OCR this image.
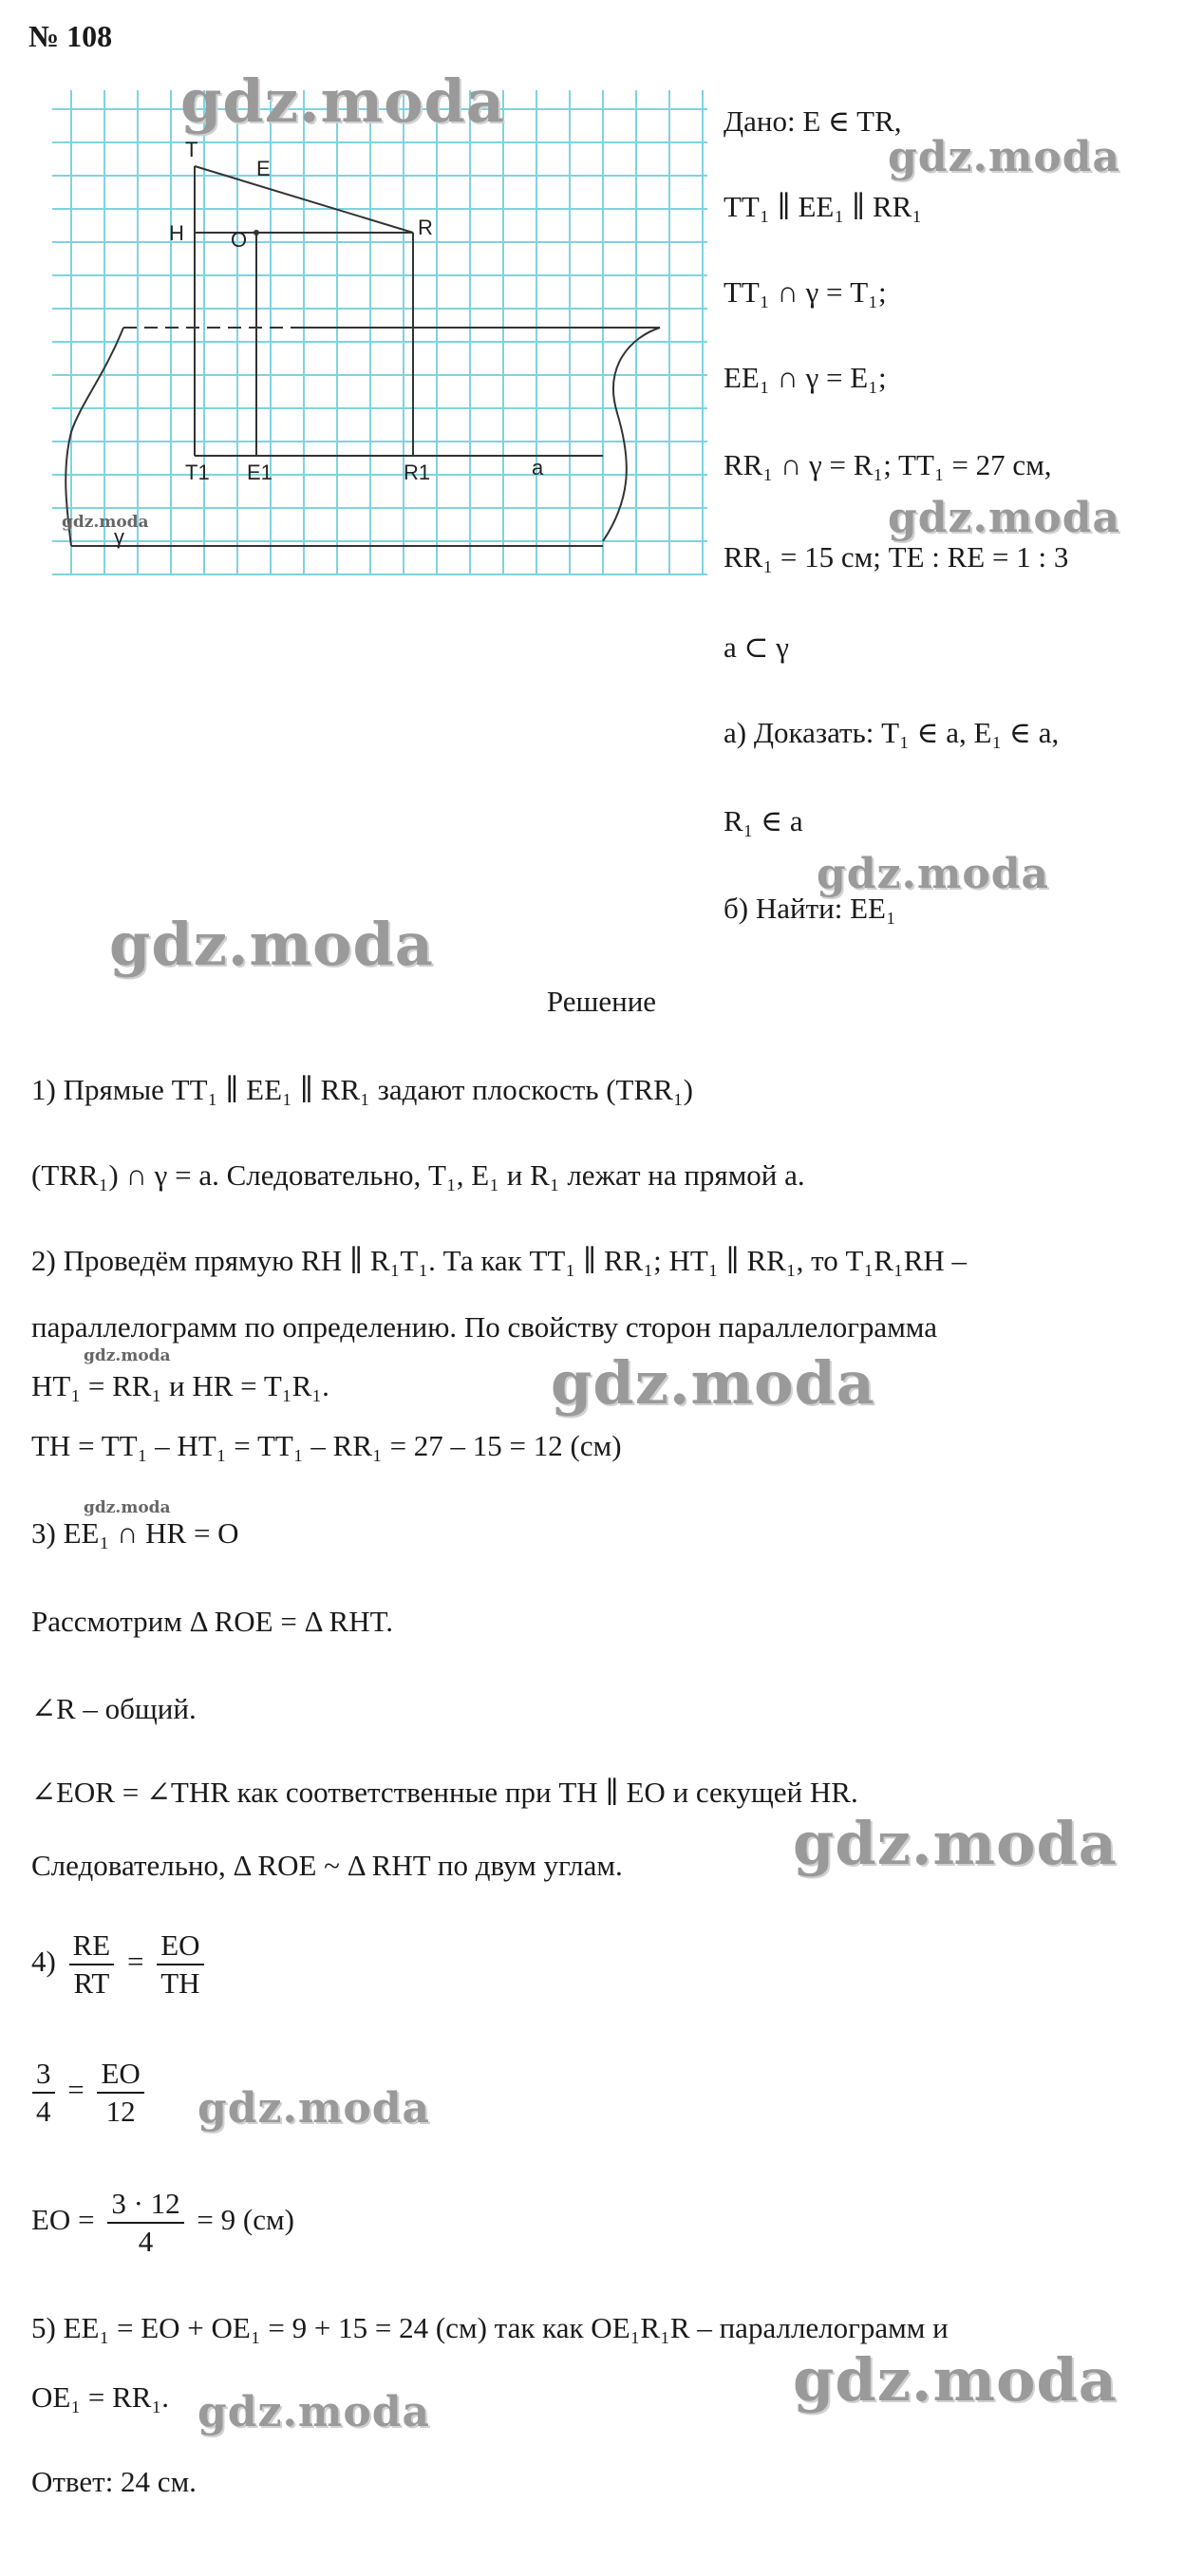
№ 108
T
E
H O
R
T1 E1	R1	a
γ
Дано: E ∈ TR,
TT₁ ∥ EE₁ ∥ RR₁
TT₁ ∩ γ = T₁;
EE₁ ∩ γ = E₁;
RR₁ ∩ γ = R₁; TT₁ = 27 см,
RR₁ = 15 см; TE : RE = 1 : 3
a ⊂ γ
а) Доказать: T₁ ∈ a, E₁ ∈ a,
R₁ ∈ a
б) Найти: EE₁
Решение
1) Прямые TT₁ ∥ EE₁ ∥ RR₁ задают плоскость (TRR₁)
(TRR₁) ∩ γ = a. Следовательно, T₁, E₁ и R₁ лежат на прямой a.
2) Проведём прямую RH ∥ R₁T₁. Та как TT₁ ∥ RR₁; HT₁ ∥ RR₁, то T₁R₁RH –
параллелограмм по определению. По свойству сторон параллелограмма
HT₁ = RR₁ и HR = T₁R₁.
TH = TT₁ – HT₁ = TT₁ – RR₁ = 27 – 15 = 12 (см)
3) EE₁ ∩ HR = O
Рассмотрим Δ ROE = Δ RHT.
∠R – общий.
∠EOR = ∠THR как соответственные при TH ∥ EO и секущей HR.
Следовательно, Δ ROE ~ Δ RHT по двум углам.
$4) \frac{RE}{RT} = \frac{EO}{TH}$
$\frac{3}{4} = \frac{EO}{12}$
EO = $\frac{3 \cdot 12}{4} = 9$ (см)
5) EE₁ = EO + OE₁ = 9 + 15 = 24 (см) так как OE₁R₁R – параллелограмм и
OE₁ = RR₁.
Ответ: 24 см.
gdz.moda
gdz.moda
gdz.moda	gdz.moda
gdz.moda
gdz.moda
gdz.moda	gdz.moda
gdz.moda
gdz.moda
gdz.moda
gdz.moda
gdz.moda
